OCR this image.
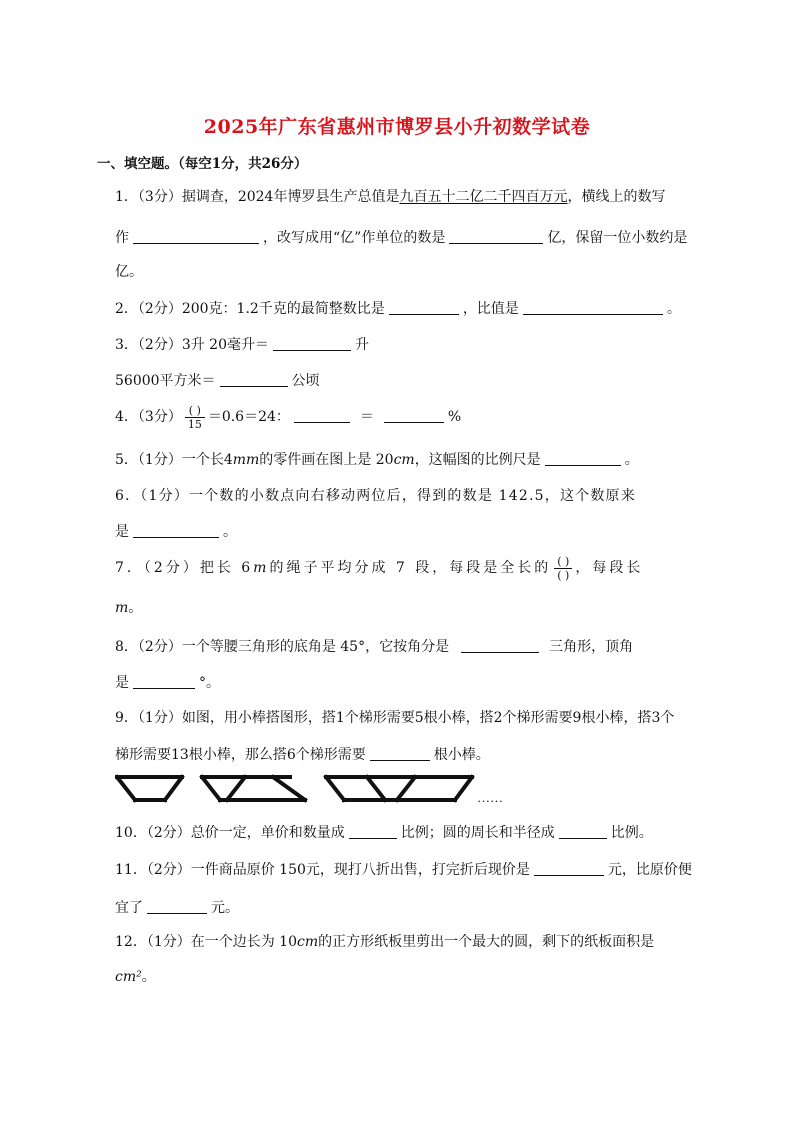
2025年广东省惠州市博罗县小升初数学试卷
一、填空题。（每空1分，共26分）
1．（3分）据调查，2024年博罗县生产总值是九百五十二亿二千四百万元，横线上的数写
作	，改写成用“亿”作单位的数是	亿，保留一位小数约是
亿。
2．（2分）200克：1.2千克的最简整数比是	，比值是	。
3．（2分）3升 20毫升＝	升
56000平方米＝	公顷
4．（3分） $\frac{( )}{15} =0.6=24$：	＝	%
5．（1分）一个长4mm的零件画在图上是 20cm，这幅图的比例尺是	。
6．（1分）一个数的小数点向右移动两位后，得到的数是 142.5，这个数原来
是	。
7．（2分）把长 6m的绳子平均分成 7 段，每段是全长的 $\frac{( )}{( )}$ ，每段长
m。
8．（2分）一个等腰三角形的底角是 45°，它按角分是	三角形，顶角
是	°。
9．（1分）如图，用小棒搭图形，搭1个梯形需要5根小棒，搭2个梯形需要9根小棒，搭3个
梯形需要13根小棒，那么搭6个梯形需要	根小棒。
……
10．（2分）总价一定，单价和数量成	比例；圆的周长和半径成	比例。
11．（2分）一件商品原价 150元，现打八折出售，打完折后现价是	元，比原价便
宜了	元。
12．（1分）在一个边长为 10cm的正方形纸板里剪出一个最大的圆，剩下的纸板面积是
cm²。
